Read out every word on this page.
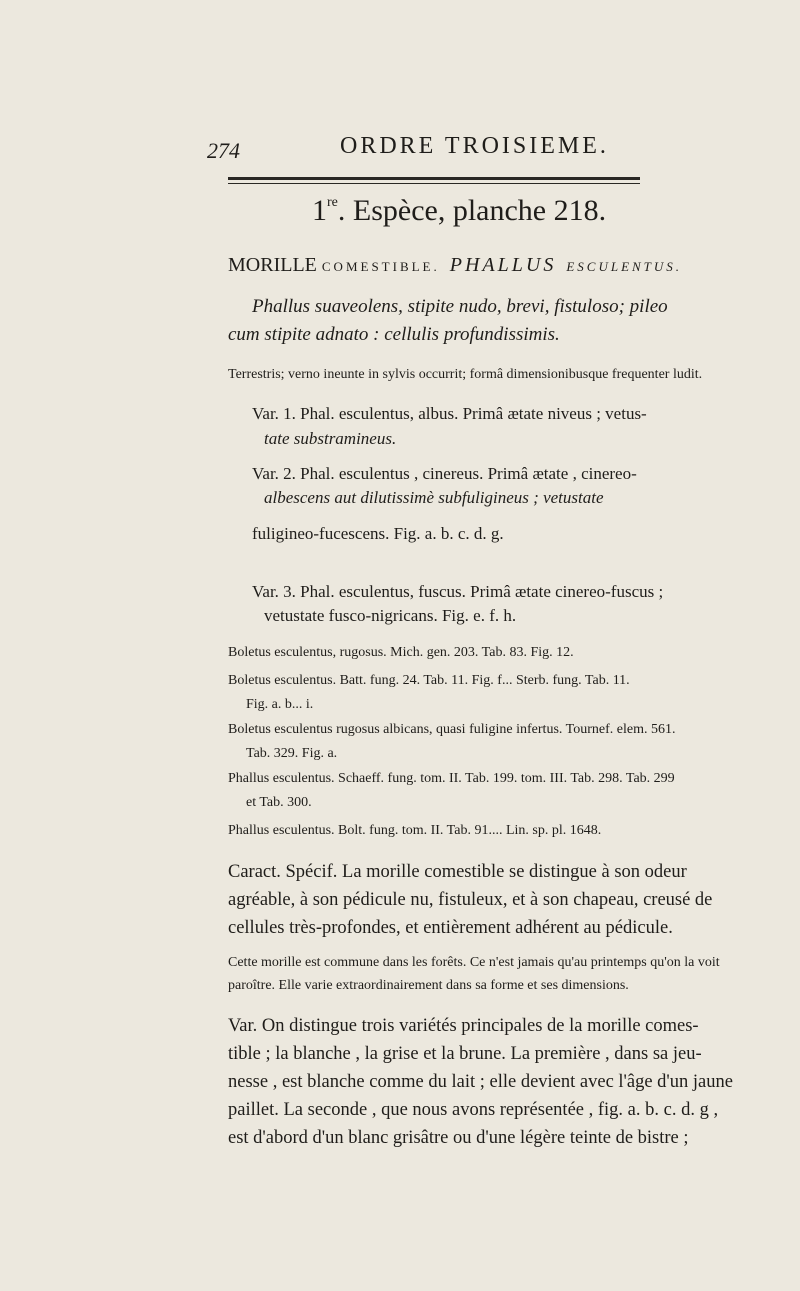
274	ORDRE TROISIEME.
1re. Espèce, planche 218.
MORILLE COMESTIBLE. PHALLUS ESCULENTUS.
Phallus suaveolens, stipite nudo, brevi, fistuloso; pileo
cum stipite adnato : cellulis profundissimis.
Terrestris; verno ineunte in sylvis occurrit; formâ dimensionibusque frequenter ludit.
Var. 1. Phal. esculentus, albus. Primâ ætate niveus ; vetus-
tate substramineus.
Var. 2. Phal. esculentus , cinereus. Primâ ætate , cinereo-
albescens aut dilutissimè subfuligineus ; vetustate
fuligineo-fucescens. Fig. a. b. c. d. g.
Var. 3. Phal. esculentus, fuscus. Primâ ætate cinereo-fuscus ;
vetustate fusco-nigricans. Fig. e. f. h.
Boletus esculentus, rugosus. Mich. gen. 203. Tab. 83. Fig. 12.
Boletus esculentus. Batt. fung. 24. Tab. 11. Fig. f... Sterb. fung. Tab. 11.
Fig. a. b... i.
Boletus esculentus rugosus albicans, quasi fuligine infertus. Tournef. elem. 561.
Tab. 329. Fig. a.
Phallus esculentus. Schaeff. fung. tom. II. Tab. 199. tom. III. Tab. 298. Tab. 299
et Tab. 300.
Phallus esculentus. Bolt. fung. tom. II. Tab. 91.... Lin. sp. pl. 1648.
Caract. Spécif. La morille comestible se distingue à son odeur
agréable, à son pédicule nu, fistuleux, et à son chapeau, creusé de
cellules très-profondes, et entièrement adhérent au pédicule.
Cette morille est commune dans les forêts. Ce n'est jamais qu'au printemps qu'on la voit
paroître. Elle varie extraordinairement dans sa forme et ses dimensions.
Var. On distingue trois variétés principales de la morille comes-
tible ; la blanche , la grise et la brune. La première , dans sa jeu-
nesse , est blanche comme du lait ; elle devient avec l'âge d'un jaune
paillet. La seconde , que nous avons représentée , fig. a. b. c. d. g ,
est d'abord d'un blanc grisâtre ou d'une légère teinte de bistre ;
